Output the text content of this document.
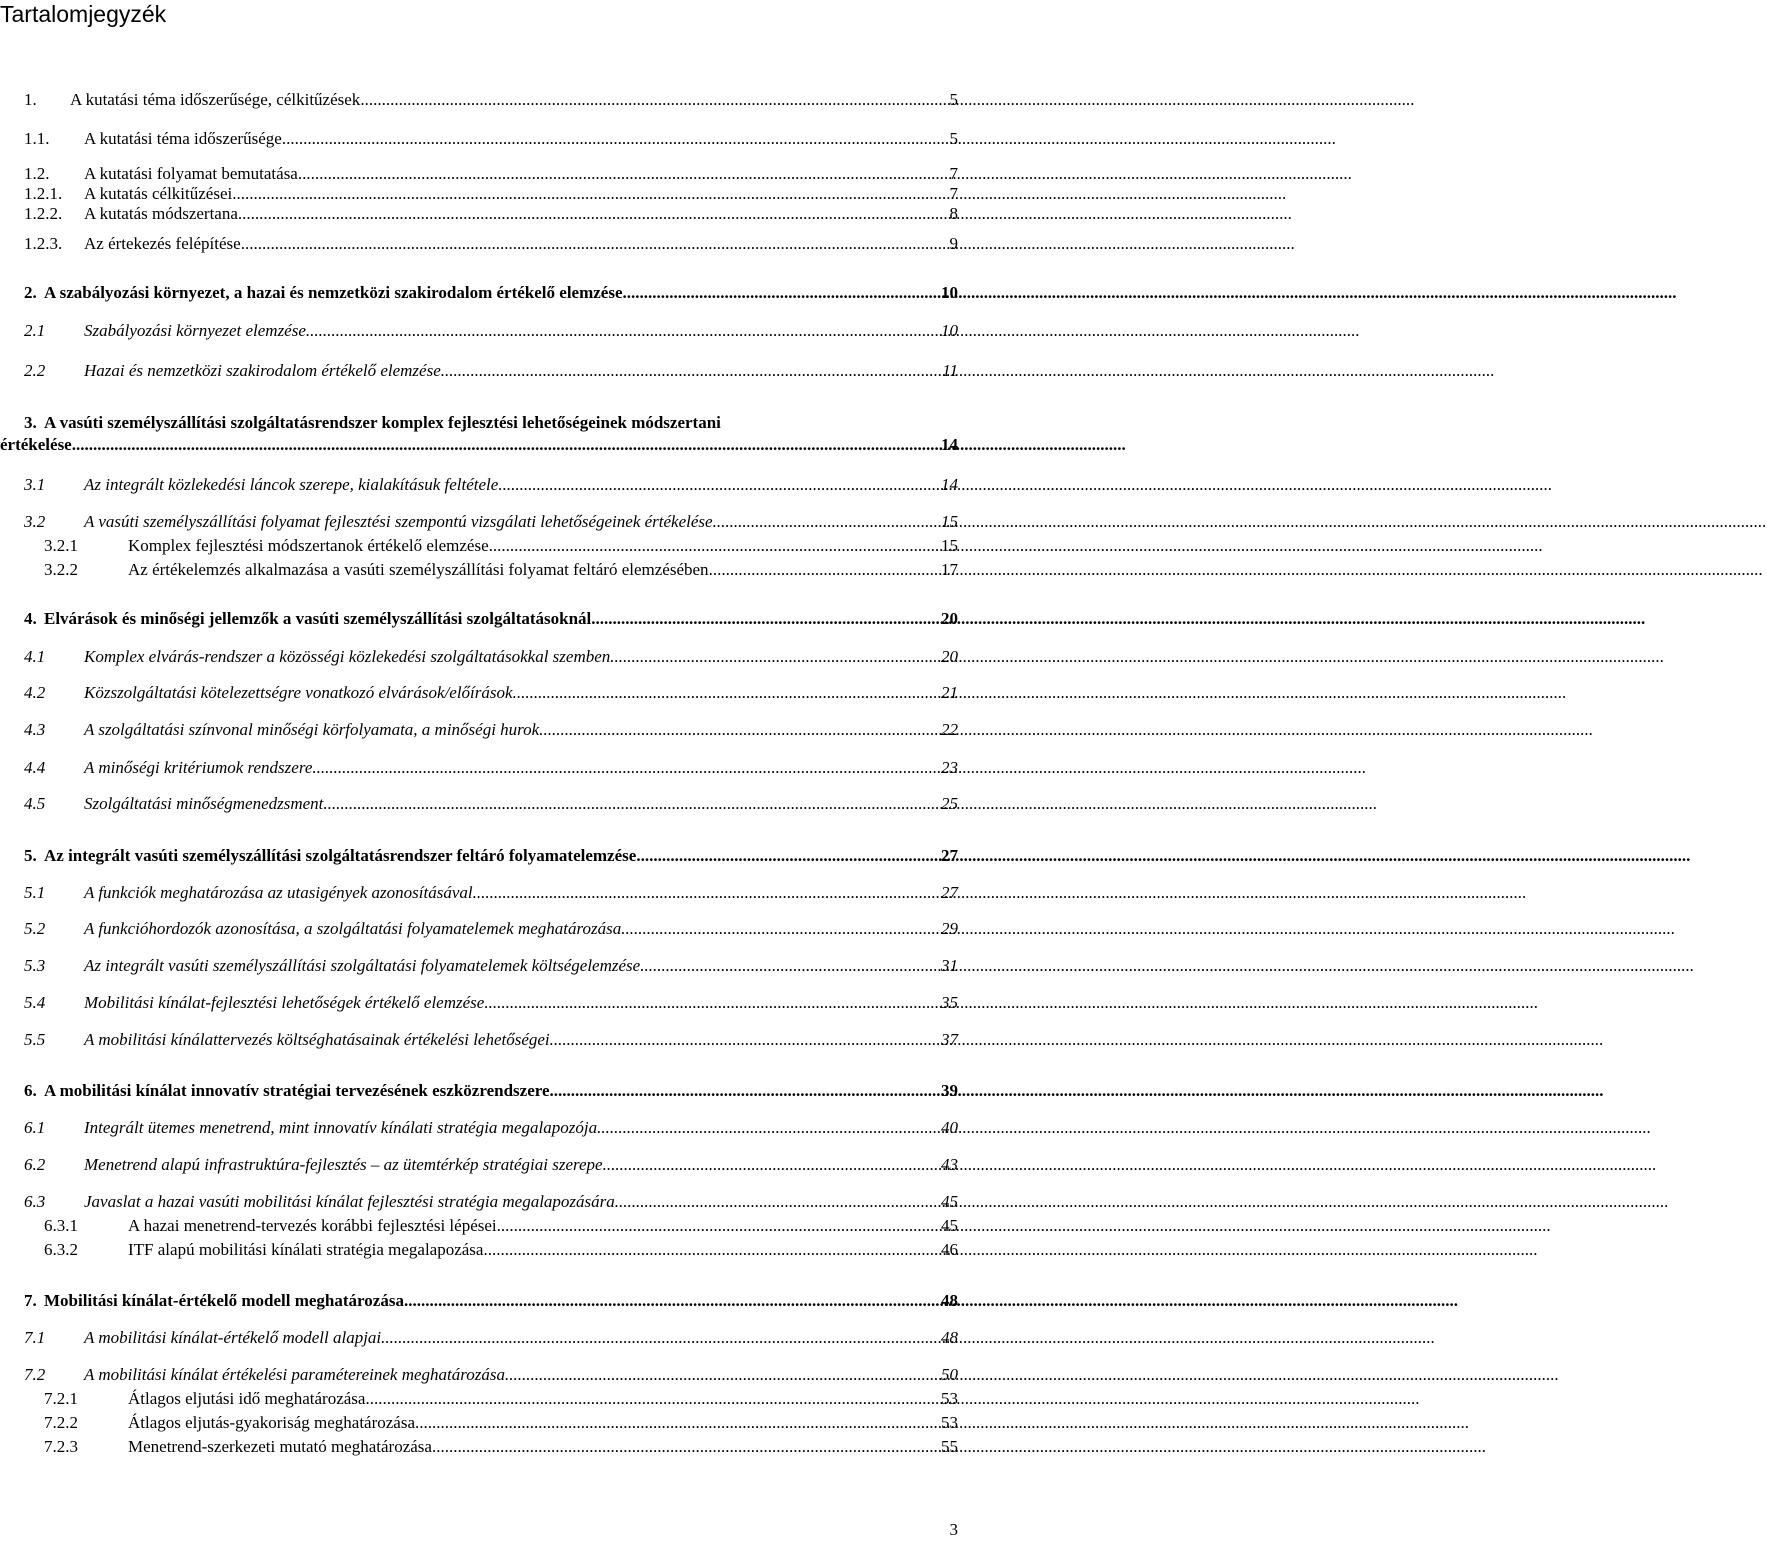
Tartalomjegyzék
1.	A kutatási téma időszerűsége, célkitűzések .....	5
1.1.	A kutatási téma időszerűsége .....	5
1.2.	A kutatási folyamat bemutatása .....	7
1.2.1.	A kutatás célkitűzései .....	7
1.2.2.	A kutatás módszertana .....	8
1.2.3.	Az értekezés felépítése .....	9
2. A szabályozási környezet, a hazai és nemzetközi szakirodalom értékelő elemzése .....	10
2.1	Szabályozási környezet elemzése .....	10
2.2	Hazai és nemzetközi szakirodalom értékelő elemzése .....	11
3. A vasúti személyszállítási szolgáltatásrendszer komplex fejlesztési lehetőségeinek módszertani
értékelése .....	14
3.1	Az integrált közlekedési láncok szerepe, kialakításuk feltétele .....	14
3.2	A vasúti személyszállítási folyamat fejlesztési szempontú vizsgálati lehetőségeinek értékelése .....	15
3.2.1	Komplex fejlesztési módszertanok értékelő elemzése .....	15
3.2.2	Az értékelemzés alkalmazása a vasúti személyszállítási folyamat feltáró elemzésében .....	17
4. Elvárások és minőségi jellemzők a vasúti személyszállítási szolgáltatásoknál .....	20
4.1	Komplex elvárás-rendszer a közösségi közlekedési szolgáltatásokkal szemben .....	20
4.2	Közszolgáltatási kötelezettségre vonatkozó elvárások/előírások .....	21
4.3	A szolgáltatási színvonal minőségi körfolyamata, a minőségi hurok .....	22
4.4	A minőségi kritériumok rendszere .....	23
4.5	Szolgáltatási minőségmenedzsment .....	25
5. Az integrált vasúti személyszállítási szolgáltatásrendszer feltáró folyamatelemzése .....	27
5.1	A funkciók meghatározása az utasigények azonosításával .....	27
5.2	A funkcióhordozók azonosítása, a szolgáltatási folyamatelemek meghatározása .....	29
5.3	Az integrált vasúti személyszállítási szolgáltatási folyamatelemek költségelemzése .....	31
5.4	Mobilitási kínálat-fejlesztési lehetőségek értékelő elemzése .....	35
5.5	A mobilitási kínálattervezés költséghatásainak értékelési lehetőségei .....	37
6. A mobilitási kínálat innovatív stratégiai tervezésének eszközrendszere .....	39
6.1	Integrált ütemes menetrend, mint innovatív kínálati stratégia megalapozója .....	40
6.2	Menetrend alapú infrastruktúra-fejlesztés – az ütemtérkép stratégiai szerepe .....	43
6.3	Javaslat a hazai vasúti mobilitási kínálat fejlesztési stratégia megalapozására .....	45
6.3.1	A hazai menetrend-tervezés korábbi fejlesztési lépései .....	45
6.3.2	ITF alapú mobilitási kínálati stratégia megalapozása .....	46
7. Mobilitási kínálat-értékelő modell meghatározása .....	48
7.1	A mobilitási kínálat-értékelő modell alapjai .....	48
7.2	A mobilitási kínálat értékelési paramétereinek meghatározása .....	50
7.2.1	Átlagos eljutási idő meghatározása .....	53
7.2.2	Átlagos eljutás-gyakoriság meghatározása .....	53
7.2.3	Menetrend-szerkezeti mutató meghatározása .....	55
3
